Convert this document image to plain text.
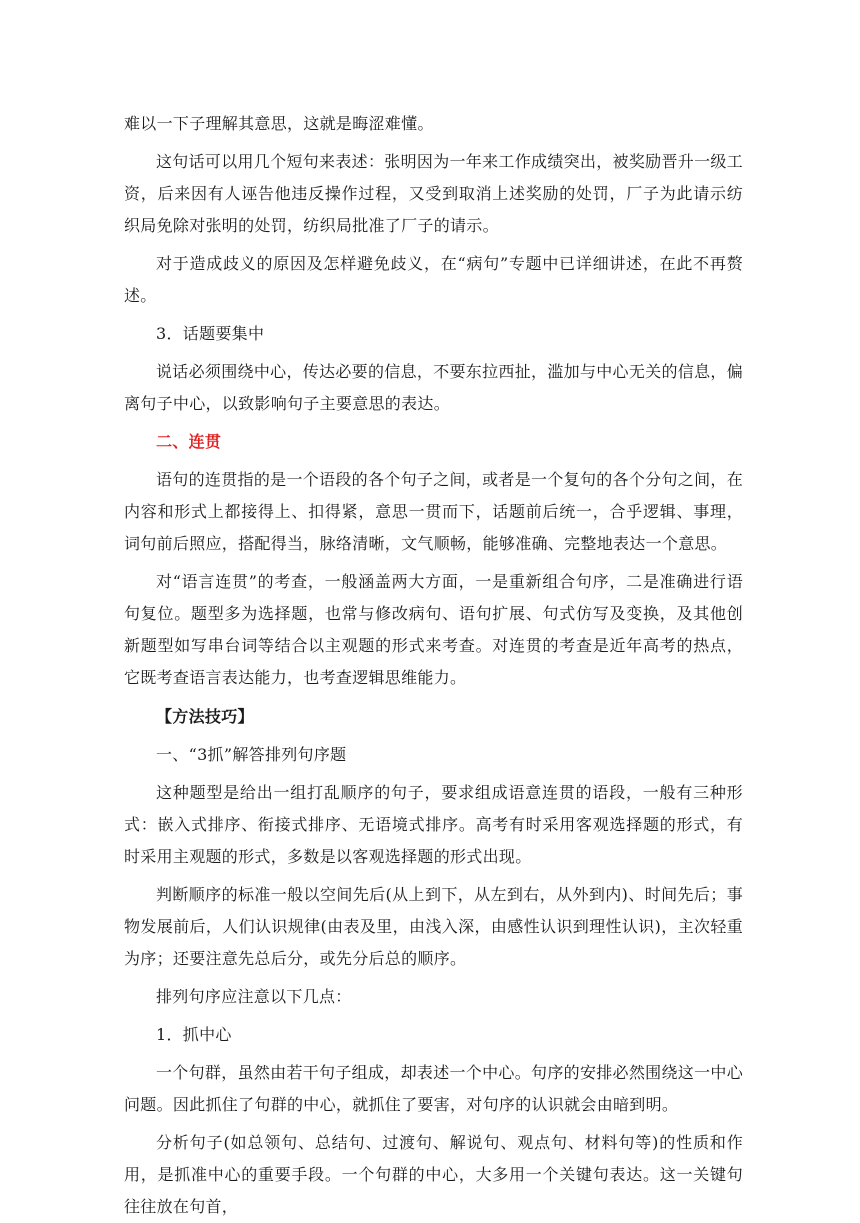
难以一下子理解其意思，这就是晦涩难懂。

这句话可以用几个短句来表述：张明因为一年来工作成绩突出，被奖励晋升一级工资，后来因有人诬告他违反操作过程，又受到取消上述奖励的处罚，厂子为此请示纺织局免除对张明的处罚，纺织局批准了厂子的请示。

对于造成歧义的原因及怎样避免歧义，在“病句”专题中已详细讲述，在此不再赘述。

3．话题要集中

说话必须围绕中心，传达必要的信息，不要东拉西扯，滥加与中心无关的信息，偏离句子中心，以致影响句子主要意思的表达。

二、连贯

语句的连贯指的是一个语段的各个句子之间，或者是一个复句的各个分句之间，在内容和形式上都接得上、扣得紧，意思一贯而下，话题前后统一，合乎逻辑、事理，词句前后照应，搭配得当，脉络清晰，文气顺畅，能够准确、完整地表达一个意思。

对“语言连贯”的考查，一般涵盖两大方面，一是重新组合句序，二是准确进行语句复位。题型多为选择题，也常与修改病句、语句扩展、句式仿写及变换，及其他创新题型如写串台词等结合以主观题的形式来考查。对连贯的考查是近年高考的热点，它既考查语言表达能力，也考查逻辑思维能力。

【方法技巧】

一、“3抓”解答排列句序题

这种题型是给出一组打乱顺序的句子，要求组成语意连贯的语段，一般有三种形式：嵌入式排序、衔接式排序、无语境式排序。高考有时采用客观选择题的形式，有时采用主观题的形式，多数是以客观选择题的形式出现。

判断顺序的标准一般以空间先后(从上到下，从左到右，从外到内)、时间先后；事物发展前后，人们认识规律(由表及里，由浅入深，由感性认识到理性认识)，主次轻重为序；还要注意先总后分，或先分后总的顺序。

排列句序应注意以下几点：

1．抓中心

一个句群，虽然由若干句子组成，却表述一个中心。句序的安排必然围绕这一中心问题。因此抓住了句群的中心，就抓住了要害，对句序的认识就会由暗到明。

分析句子(如总领句、总结句、过渡句、解说句、观点句、材料句等)的性质和作用，是抓准中心的重要手段。一个句群的中心，大多用一个关键句表达。这一关键句往往放在句首，
